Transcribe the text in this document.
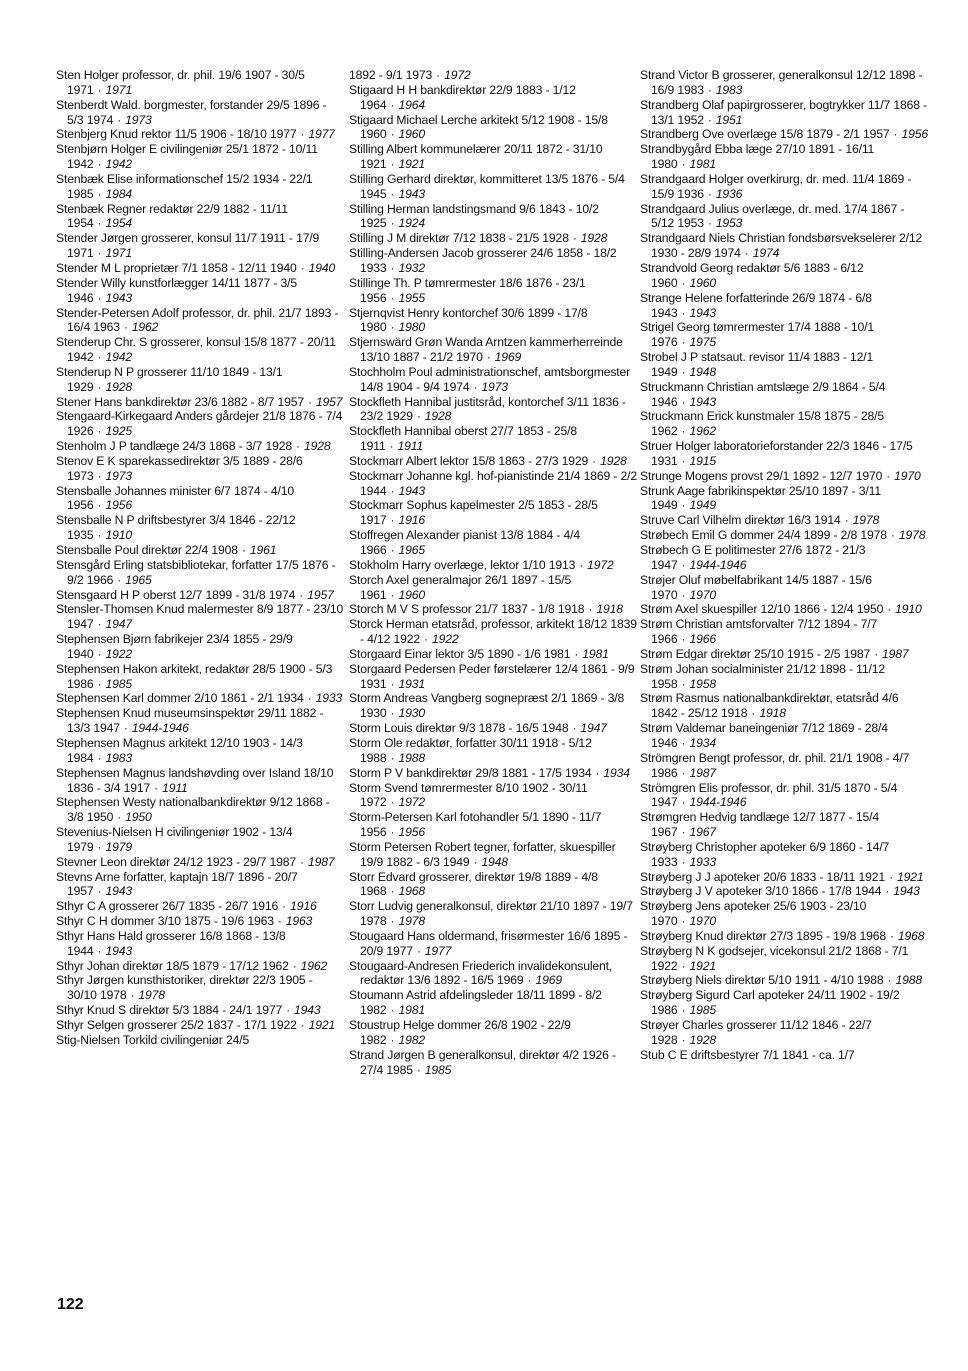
Sten Holger professor, dr. phil. 19/6 1907 - 30/5 1971 · 1971

Stenberdt Wald. borgmester, forstander 29/5 1896 - 5/3 1974 · 1973

Stenbjerg Knud rektor 11/5 1906 - 18/10 1977 · 1977

Stenbjørn Holger E civilingeniør 25/1 1872 - 10/11 1942 · 1942

Stenbæk Elise informationschef 15/2 1934 - 22/1 1985 · 1984

Stenbæk Regner redaktør 22/9 1882 - 11/11 1954 · 1954

Stender Jørgen grosserer, konsul 11/7 1911 - 17/9 1971 · 1971

Stender M L proprietær 7/1 1858 - 12/11 1940 · 1940

Stender Willy kunstforlægger 14/11 1877 - 3/5 1946 · 1943

Stender-Petersen Adolf professor, dr. phil. 21/7 1893 - 16/4 1963 · 1962

Stenderup Chr. S grosserer, konsul 15/8 1877 - 20/11 1942 · 1942

Stenderup N P grosserer 11/10 1849 - 13/1 1929 · 1928

Stener Hans bankdirektør 23/6 1882 - 8/7 1957 · 1957

Stengaard-Kirkegaard Anders gårdejer 21/8 1876 - 7/4 1926 · 1925

Stenholm J P tandlæge 24/3 1868 - 3/7 1928 · 1928

Stenov E K sparekassedirektør 3/5 1889 - 28/6 1973 · 1973

Stensballe Johannes minister 6/7 1874 - 4/10 1956 · 1956

Stensballe N P driftsbestyrer 3/4 1846 - 22/12 1935 · 1910

Stensballe Poul direktør 22/4 1908 · 1961

Stensgård Erling statsbibliotekar, forfatter 17/5 1876 - 9/2 1966 · 1965

Stensgaard H P oberst 12/7 1899 - 31/8 1974 · 1957

Stensler-Thomsen Knud malermester 8/9 1877 - 23/10 1947 · 1947

Stephensen Bjørn fabrikejer 23/4 1855 - 29/9 1940 · 1922

Stephensen Hakon arkitekt, redaktør 28/5 1900 - 5/3 1986 · 1985

Stephensen Karl dommer 2/10 1861 - 2/1 1934 · 1933

Stephensen Knud museumsinspektør 29/11 1882 - 13/3 1947 · 1944-1946

Stephensen Magnus arkitekt 12/10 1903 - 14/3 1984 · 1983

Stephensen Magnus landshøvding over Island 18/10 1836 - 3/4 1917 · 1911

Stephensen Westy nationalbankdirektør 9/12 1868 - 3/8 1950 · 1950

Stevenius-Nielsen H civilingeniør 1902 - 13/4 1979 · 1979

Stevner Leon direktør 24/12 1923 - 29/7 1987 · 1987

Stevns Arne forfatter, kaptajn 18/7 1896 - 20/7 1957 · 1943

Sthyr C A grosserer 26/7 1835 - 26/7 1916 · 1916

Sthyr C H dommer 3/10 1875 - 19/6 1963 · 1963

Sthyr Hans Hald grosserer 16/8 1868 - 13/8 1944 · 1943

Sthyr Johan direktør 18/5 1879 - 17/12 1962 · 1962

Sthyr Jørgen kunsthistoriker, direktør 22/3 1905 - 30/10 1978 · 1978

Sthyr Knud S direktør 5/3 1884 - 24/1 1977 · 1943

Sthyr Selgen grosserer 25/2 1837 - 17/1 1922 · 1921

Stig-Nielsen Torkild civilingeniør 24/5

1892 - 9/1 1973 · 1972

Stigaard H H bankdirektør 22/9 1883 - 1/12 1964 · 1964

Stigaard Michael Lerche arkitekt 5/12 1908 - 15/8 1960 · 1960

Stilling Albert kommunelærer 20/11 1872 - 31/10 1921 · 1921

Stilling Gerhard direktør, kommitteret 13/5 1876 - 5/4 1945 · 1943

Stilling Herman landstingsmand 9/6 1843 - 10/2 1925 · 1924

Stilling J M direktør 7/12 1838 - 21/5 1928 · 1928

Stilling-Andersen Jacob grosserer 24/6 1858 - 18/2 1933 · 1932

Stillinge Th. P tømrermester 18/6 1876 - 23/1 1956 · 1955

Stjernqvist Henry kontorchef 30/6 1899 - 17/8 1980 · 1980

Stjernswärd Grøn Wanda Arntzen kammerherreinde 13/10 1887 - 21/2 1970 · 1969

Stochholm Poul administrationschef, amtsborgmester 14/8 1904 - 9/4 1974 · 1973

Stockfleth Hannibal justitsråd, kontorchef 3/11 1836 - 23/2 1929 · 1928

Stockfleth Hannibal oberst 27/7 1853 - 25/8 1911 · 1911

Stockmarr Albert lektor 15/8 1863 - 27/3 1929 · 1928

Stockmarr Johanne kgl. hof-pianistinde 21/4 1869 - 2/2 1944 · 1943

Stockmarr Sophus kapelmester 2/5 1853 - 28/5 1917 · 1916

Stoffregen Alexander pianist 13/8 1884 - 4/4 1966 · 1965

Stokholm Harry overlæge, lektor 1/10 1913 · 1972

Storch Axel generalmajor 26/1 1897 - 15/5 1961 · 1960

Storch M V S professor 21/7 1837 - 1/8 1918 · 1918

Storck Herman etatsråd, professor, arkitekt 18/12 1839 - 4/12 1922 · 1922

Storgaard Einar lektor 3/5 1890 - 1/6 1981 · 1981

Storgaard Pedersen Peder førstelærer 12/4 1861 - 9/9 1931 · 1931

Storm Andreas Vangberg sognepræst 2/1 1869 - 3/8 1930 · 1930

Storm Louis direktør 9/3 1878 - 16/5 1948 · 1947

Storm Ole redaktør, forfatter 30/11 1918 - 5/12 1988 · 1988

Storm P V bankdirektør 29/8 1881 - 17/5 1934 · 1934

Storm Svend tømrermester 8/10 1902 - 30/11 1972 · 1972

Storm-Petersen Karl fotohandler 5/1 1890 - 11/7 1956 · 1956

Storm Petersen Robert tegner, forfatter, skuespiller 19/9 1882 - 6/3 1949 · 1948

Storr Edvard grosserer, direktør 19/8 1889 - 4/8 1968 · 1968

Storr Ludvig generalkonsul, direktør 21/10 1897 - 19/7 1978 · 1978

Stougaard Hans oldermand, frisørmester 16/6 1895 - 20/9 1977 · 1977

Stougaard-Andresen Friederich invalidekonsulent, redaktør 13/6 1892 - 16/5 1969 · 1969

Stoumann Astrid afdelingsleder 18/11 1899 - 8/2 1982 · 1981

Stoustrup Helge dommer 26/8 1902 - 22/9 1982 · 1982

Strand Jørgen B generalkonsul, direktør 4/2 1926 - 27/4 1985 · 1985

Strand Victor B grosserer, generalkonsul 12/12 1898 - 16/9 1983 · 1983

Strandberg Olaf papirgrosserer, bogtrykker 11/7 1868 - 13/1 1952 · 1951

Strandberg Ove overlæge 15/8 1879 - 2/1 1957 · 1956

Strandbygård Ebba læge 27/10 1891 - 16/11 1980 · 1981

Strandgaard Holger overkirurg, dr. med. 11/4 1869 - 15/9 1936 · 1936

Strandgaard Julius overlæge, dr. med. 17/4 1867 - 5/12 1953 · 1953

Strandgaard Niels Christian fondsbørsvekselerer 2/12 1930 - 28/9 1974 · 1974

Strandvold Georg redaktør 5/6 1883 - 6/12 1960 · 1960

Strange Helene forfatterinde 26/9 1874 - 6/8 1943 · 1943

Strigel Georg tømrermester 17/4 1888 - 10/1 1976 · 1975

Strobel J P statsaut. revisor 11/4 1883 - 12/1 1949 · 1948

Struckmann Christian amtslæge 2/9 1864 - 5/4 1946 · 1943

Struckmann Erick kunstmaler 15/8 1875 - 28/5 1962 · 1962

Struer Holger laboratorieforstander 22/3 1846 - 17/5 1931 · 1915

Strunge Mogens provst 29/1 1892 - 12/7 1970 · 1970

Strunk Aage fabrikinspektør 25/10 1897 - 3/11 1949 · 1949

Struve Carl Vilhelm direktør 16/3 1914 · 1978

Strøbech Emil G dommer 24/4 1899 - 2/8 1978 · 1978

Strøbech G E politimester 27/6 1872 - 21/3 1947 · 1944-1946

Strøjer Oluf møbelfabrikant 14/5 1887 - 15/6 1970 · 1970

Strøm Axel skuespiller 12/10 1866 - 12/4 1950 · 1910

Strøm Christian amtsforvalter 7/12 1894 - 7/7 1966 · 1966

Strøm Edgar direktør 25/10 1915 - 2/5 1987 · 1987

Strøm Johan socialminister 21/12 1898 - 11/12 1958 · 1958

Strøm Rasmus nationalbankdirektør, etatsråd 4/6 1842 - 25/12 1918 · 1918

Strøm Valdemar baneingeniør 7/12 1869 - 28/4 1946 · 1934

Strömgren Bengt professor, dr. phil. 21/1 1908 - 4/7 1986 · 1987

Strömgren Elis professor, dr. phil. 31/5 1870 - 5/4 1947 · 1944-1946

Strømgren Hedvig tandlæge 12/7 1877 - 15/4 1967 · 1967

Strøyberg Christopher apoteker 6/9 1860 - 14/7 1933 · 1933

Strøyberg J J apoteker 20/6 1833 - 18/11 1921 · 1921

Strøyberg J V apoteker 3/10 1866 - 17/8 1944 · 1943

Strøyberg Jens apoteker 25/6 1903 - 23/10 1970 · 1970

Strøyberg Knud direktør 27/3 1895 - 19/8 1968 · 1968

Strøyberg N K godsejer, vicekonsul 21/2 1868 - 7/1 1922 · 1921

Strøyberg Niels direktør 5/10 1911 - 4/10 1988 · 1988

Strøyberg Sigurd Carl apoteker 24/11 1902 - 19/2 1986 · 1985

Strøyer Charles grosserer 11/12 1846 - 22/7 1928 · 1928

Stub C E driftsbestyrer 7/1 1841 - ca. 1/7

122
